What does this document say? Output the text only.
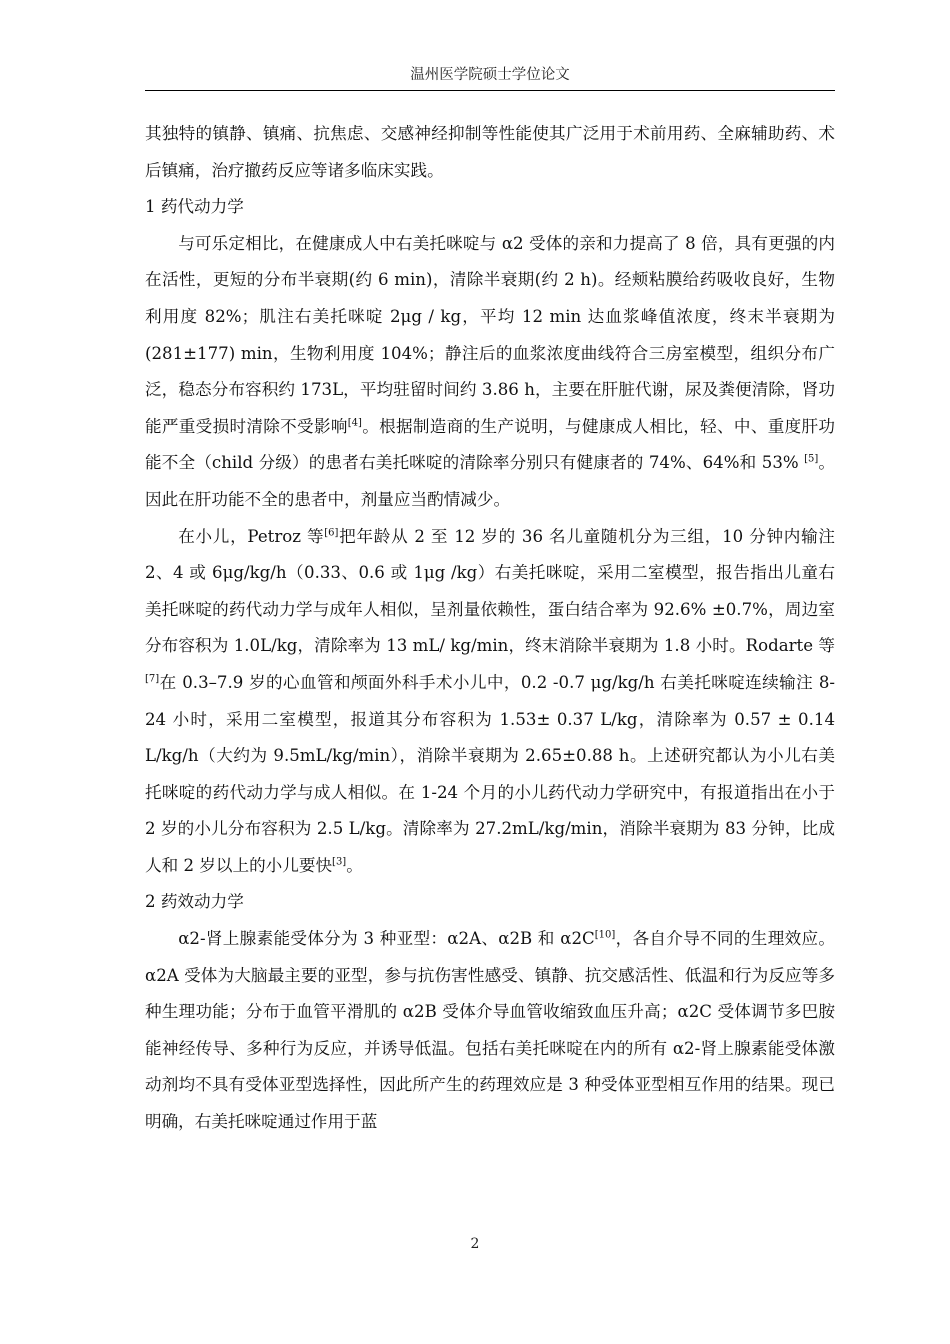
温州医学院硕士学位论文

其独特的镇静、镇痛、抗焦虑、交感神经抑制等性能使其广泛用于术前用药、全麻辅助药、术后镇痛，治疗撤药反应等诸多临床实践。

1 药代动力学

与可乐定相比，在健康成人中右美托咪啶与 α2 受体的亲和力提高了 8 倍，具有更强的内在活性，更短的分布半衰期(约 6 min)，清除半衰期(约 2 h)。经颊粘膜给药吸收良好，生物利用度 82%；肌注右美托咪啶 2μg / kg，平均 12 min 达血浆峰值浓度，终末半衰期为(281±177) min，生物利用度 104%；静注后的血浆浓度曲线符合三房室模型，组织分布广泛，稳态分布容积约 173L，平均驻留时间约 3.86 h，主要在肝脏代谢，尿及粪便清除，肾功能严重受损时清除不受影响[4]。根据制造商的生产说明，与健康成人相比，轻、中、重度肝功能不全（child 分级）的患者右美托咪啶的清除率分别只有健康者的 74%、64%和 53% [5]。因此在肝功能不全的患者中，剂量应当酌情减少。

在小儿，Petroz 等[6]把年龄从 2 至 12 岁的 36 名儿童随机分为三组，10 分钟内输注 2、4 或 6μg/kg/h（0.33、0.6 或 1μg /kg）右美托咪啶，采用二室模型，报告指出儿童右美托咪啶的药代动力学与成年人相似，呈剂量依赖性，蛋白结合率为 92.6% ±0.7%，周边室分布容积为 1.0L/kg，清除率为 13 mL/ kg/min，终末消除半衰期为 1.8 小时。Rodarte 等[7]在 0.3–7.9 岁的心血管和颅面外科手术小儿中，0.2 -0.7 μg/kg/h 右美托咪啶连续输注 8-24 小时，采用二室模型，报道其分布容积为 1.53± 0.37 L/kg，清除率为 0.57 ± 0.14 L/kg/h（大约为 9.5mL/kg/min），消除半衰期为 2.65±0.88 h。上述研究都认为小儿右美托咪啶的药代动力学与成人相似。在 1-24 个月的小儿药代动力学研究中，有报道指出在小于 2 岁的小儿分布容积为 2.5 L/kg。清除率为 27.2mL/kg/min，消除半衰期为 83 分钟，比成人和 2 岁以上的小儿要快[3]。

2 药效动力学

α2-肾上腺素能受体分为 3 种亚型：α2A、α2B 和 α2C[10]，各自介导不同的生理效应。α2A 受体为大脑最主要的亚型，参与抗伤害性感受、镇静、抗交感活性、低温和行为反应等多种生理功能；分布于血管平滑肌的 α2B 受体介导血管收缩致血压升高；α2C 受体调节多巴胺能神经传导、多种行为反应，并诱导低温。包括右美托咪啶在内的所有 α2-肾上腺素能受体激动剂均不具有受体亚型选择性，因此所产生的药理效应是 3 种受体亚型相互作用的结果。现已明确，右美托咪啶通过作用于蓝

2
